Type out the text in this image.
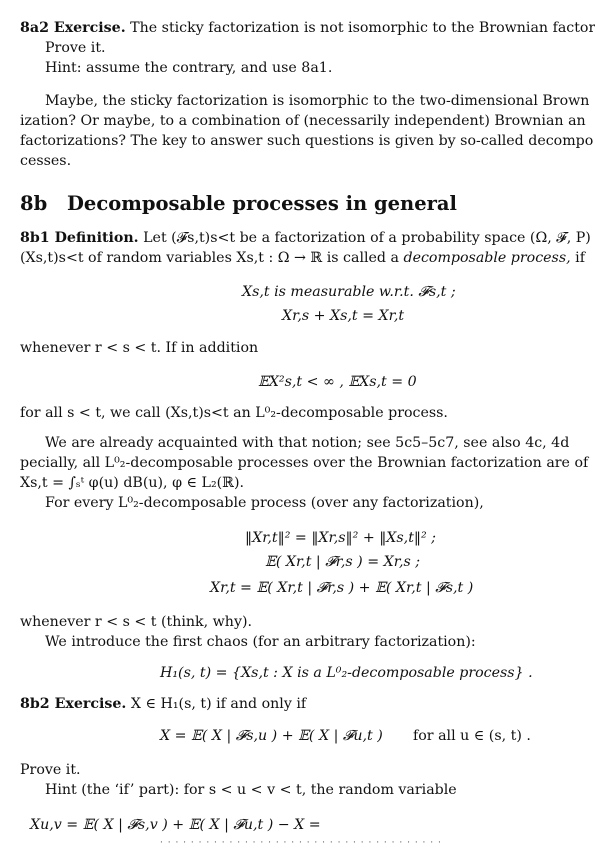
8a2 Exercise. The sticky factorization is not isomorphic to the Brownian factor
Prove it.
Hint: assume the contrary, and use 8a1.
Maybe, the sticky factorization is isomorphic to the two-dimensional Brown
ization? Or maybe, to a combination of (necessarily independent) Brownian an
factorizations? The key to answer such questions is given by so-called decompo
cesses.
8b Decomposable processes in general
8b1 Definition. Let (𝓕s,t)s<t be a factorization of a probability space (Ω, 𝓕, P)
(Xs,t)s<t of random variables Xs,t : Ω → ℝ is called a decomposable process, if
Xs,t is measurable w.r.t. 𝓕s,t ;
Xr,s + Xs,t = Xr,t
whenever r < s < t. If in addition
𝔼X²s,t < ∞ , 𝔼Xs,t = 0
for all s < t, we call (Xs,t)s<t an L⁰₂-decomposable process.
We are already acquainted with that notion; see 5c5–5c7, see also 4c, 4d
pecially, all L⁰₂-decomposable processes over the Brownian factorization are of
Xs,t = ∫ₛᵗ φ(u) dB(u), φ ∈ L₂(ℝ).
For every L⁰₂-decomposable process (over any factorization),
‖Xr,t‖² = ‖Xr,s‖² + ‖Xs,t‖² ;
𝔼( Xr,t | 𝓕r,s ) = Xr,s ;
Xr,t = 𝔼( Xr,t | 𝓕r,s ) + 𝔼( Xr,t | 𝓕s,t )
whenever r < s < t (think, why).
We introduce the first chaos (for an arbitrary factorization):
H₁(s, t) = {Xs,t : X is a L⁰₂-decomposable process} .
8b2 Exercise. X ∈ H₁(s, t) if and only if
X = 𝔼( X | 𝓕s,u ) + 𝔼( X | 𝓕u,t ) for all u ∈ (s, t) .
Prove it.
Hint (the ‘if’ part): for s < u < v < t, the random variable
Xu,v = 𝔼( X | 𝓕s,v ) + 𝔼( X | 𝓕u,t ) − X =
· · · · · · · · · · · · · · · · · · · · · · · · · · · · · · · · · · · · ·
